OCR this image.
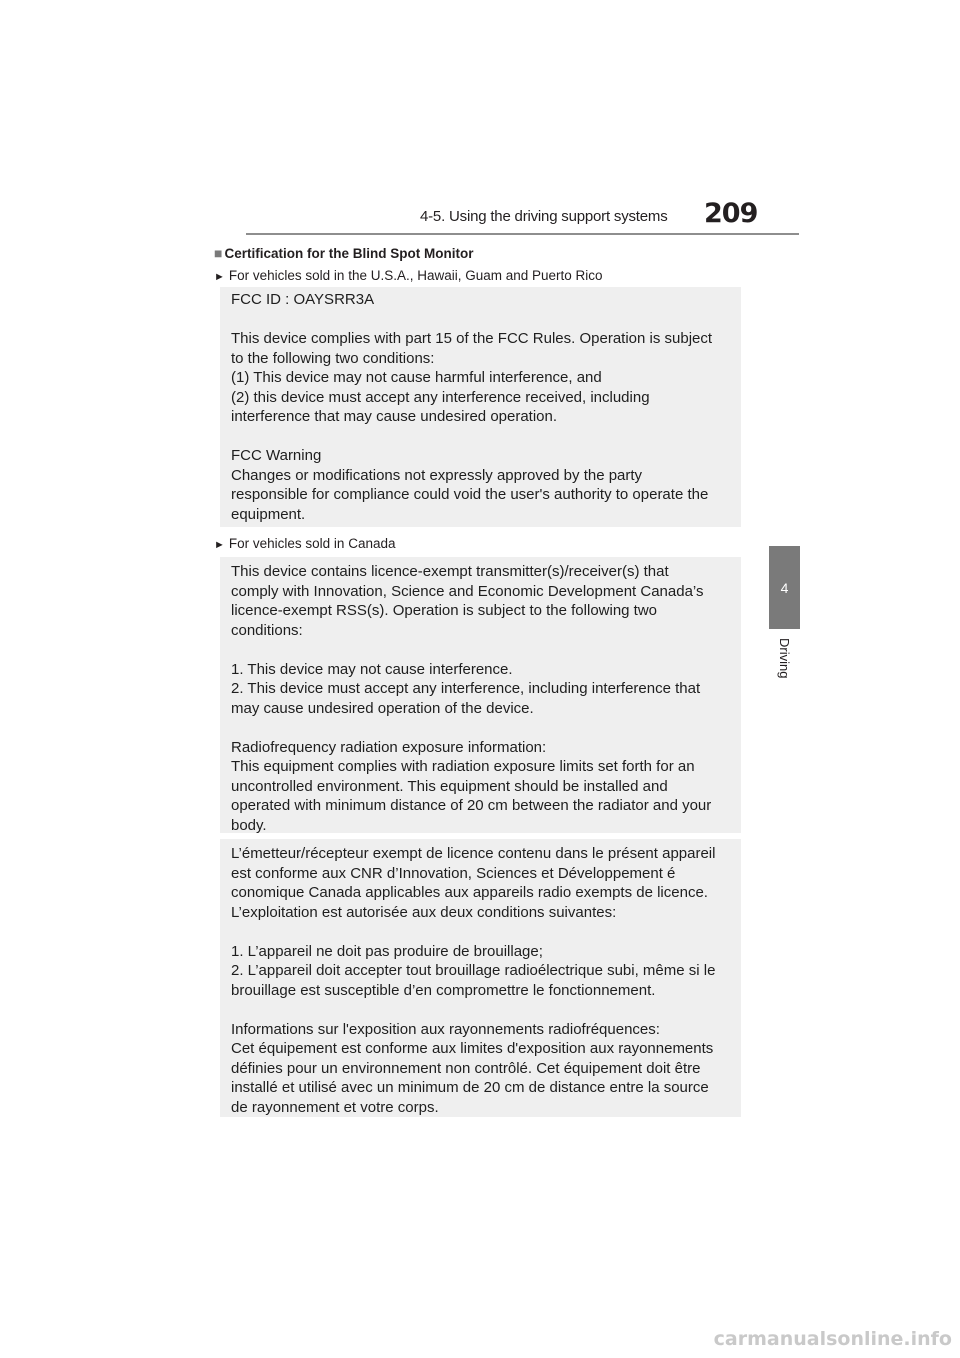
4-5. Using the driving support systems 209
4
Driving
■ Certification for the Blind Spot Monitor
► For vehicles sold in the U.S.A., Hawaii, Guam and Puerto Rico

FCC ID : OAYSRR3A

This device complies with part 15 of the FCC Rules. Operation is subject
to the following two conditions:
(1) This device may not cause harmful interference, and
(2) this device must accept any interference received, including
interference that may cause undesired operation.

FCC Warning
Changes or modifications not expressly approved by the party
responsible for compliance could void the user's authority to operate the
equipment.

► For vehicles sold in Canada

This device contains licence-exempt transmitter(s)/receiver(s) that
comply with Innovation, Science and Economic Development Canada’s
licence-exempt RSS(s). Operation is subject to the following two
conditions:

1. This device may not cause interference.
2. This device must accept any interference, including interference that
may cause undesired operation of the device.

Radiofrequency radiation exposure information:
This equipment complies with radiation exposure limits set forth for an
uncontrolled environment. This equipment should be installed and
operated with minimum distance of 20 cm between the radiator and your
body.

L’émetteur/récepteur exempt de licence contenu dans le présent appareil
est conforme aux CNR d’Innovation, Sciences et Développement é
conomique Canada applicables aux appareils radio exempts de licence.
L’exploitation est autorisée aux deux conditions suivantes:

1. L’appareil ne doit pas produire de brouillage;
2. L’appareil doit accepter tout brouillage radioélectrique subi, même si le
brouillage est susceptible d’en compromettre le fonctionnement.

Informations sur l'exposition aux rayonnements radiofréquences:
Cet équipement est conforme aux limites d'exposition aux rayonnements
définies pour un environnement non contrôlé. Cet équipement doit être
installé et utilisé avec un minimum de 20 cm de distance entre la source
de rayonnement et votre corps.

carmanualsonline.info
